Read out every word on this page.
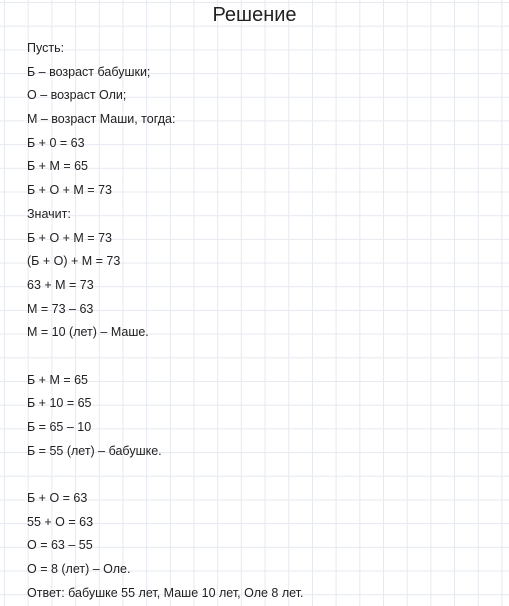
Решение
Пусть:
Б – возраст бабушки;
О – возраст Оли;
М – возраст Маши, тогда:
Б + 0 = 63
Б + М = 65
Б + О + М = 73
Значит:
Б + О + М = 73
(Б + О) + М = 73
63 + М = 73
М = 73 – 63
М = 10 (лет) – Маше.
Б + М = 65
Б + 10 = 65
Б = 65 – 10
Б = 55 (лет) – бабушке.
Б + О = 63
55 + О = 63
О = 63 – 55
О = 8 (лет) – Оле.
Ответ: бабушке 55 лет, Маше 10 лет, Оле 8 лет.
